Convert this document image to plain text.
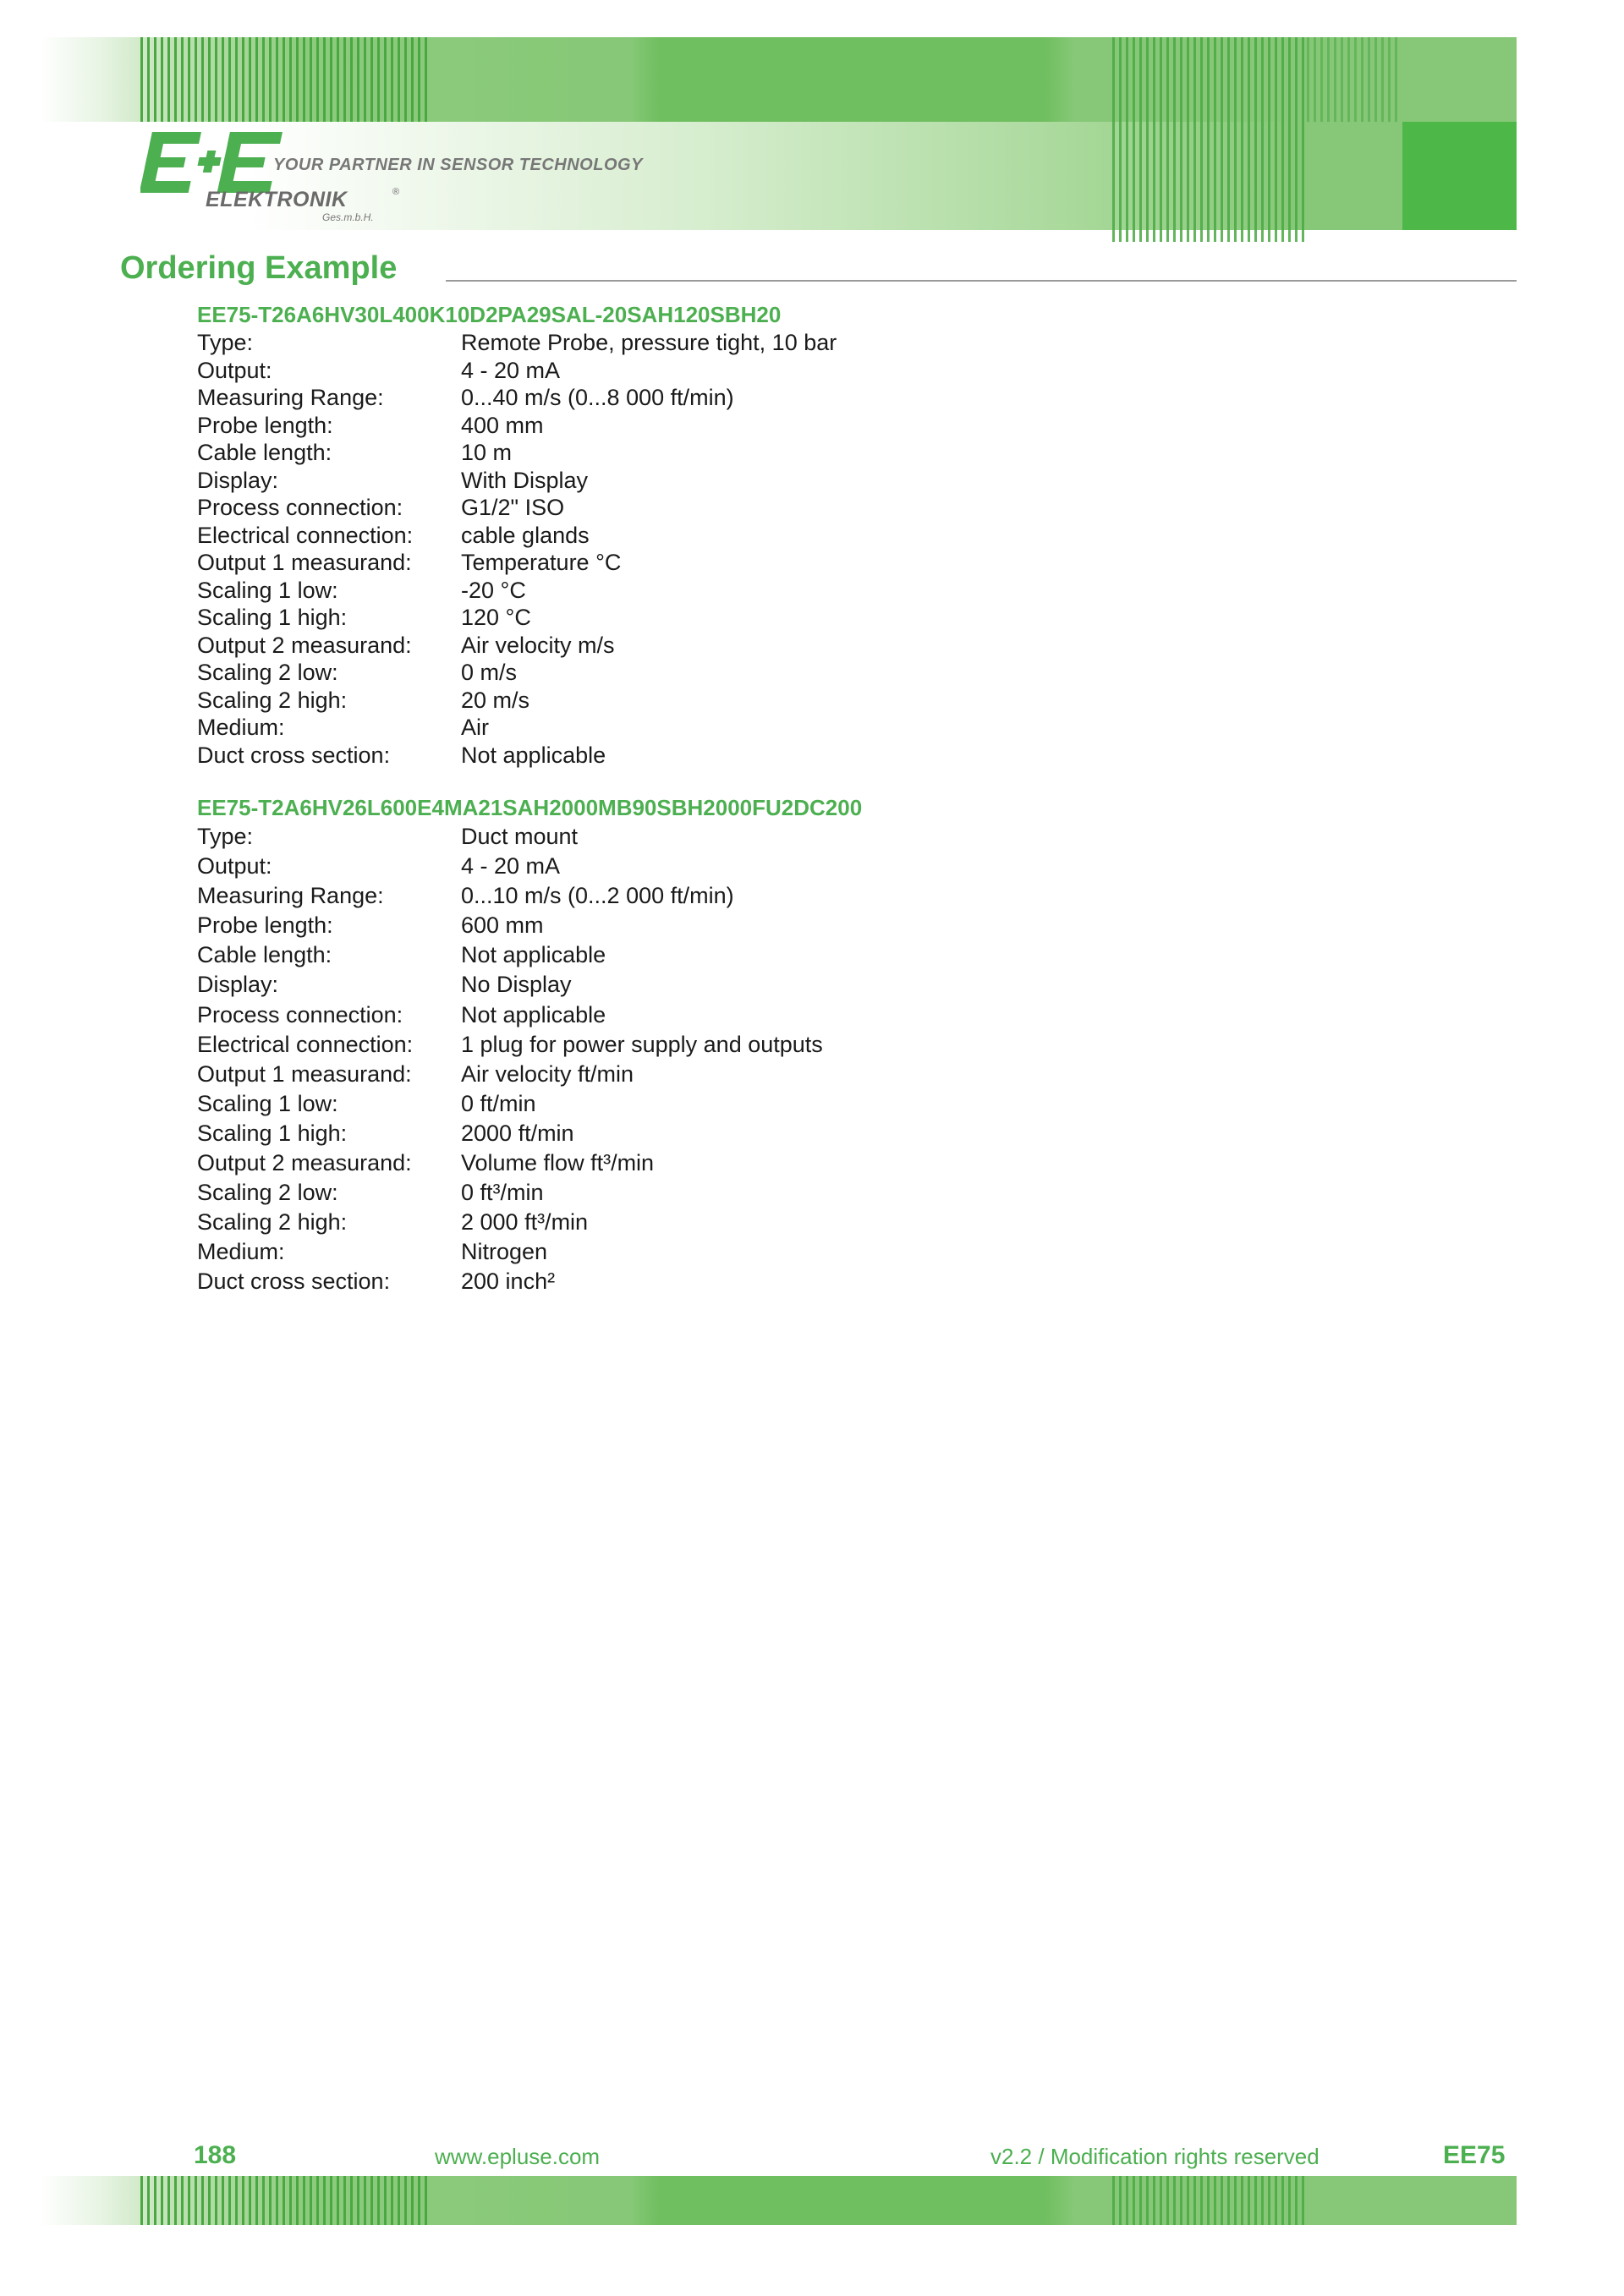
YOUR PARTNER IN SENSOR TECHNOLOGY
ELEKTRONIK	®
Ges.m.b.H.
Ordering Example
EE75-T26A6HV30L400K10D2PA29SAL-20SAH120SBH20
Type:	Remote Probe, pressure tight, 10 bar
Output:	4 - 20 mA
Measuring Range:	0...40 m/s (0...8 000 ft/min)
Probe length:	400 mm
Cable length:	10 m
Display:	With Display
Process connection:	G1/2" ISO
Electrical connection:	cable glands
Output 1 measurand:	Temperature °C
Scaling 1 low:	-20 °C
Scaling 1 high:	120 °C
Output 2 measurand:	Air velocity m/s
Scaling 2 low:	0 m/s
Scaling 2 high:	20 m/s
Medium:	Air
Duct cross section:	Not applicable
EE75-T2A6HV26L600E4MA21SAH2000MB90SBH2000FU2DC200
Type:	Duct mount
Output:	4 - 20 mA
Measuring Range:	0...10 m/s (0...2 000 ft/min)
Probe length:	600 mm
Cable length:	Not applicable
Display:	No Display
Process connection:	Not applicable
Electrical connection:	1 plug for power supply and outputs
Output 1 measurand:	Air velocity ft/min
Scaling 1 low:	0 ft/min
Scaling 1 high:	2000 ft/min
Output 2 measurand:	Volume flow ft³/min
Scaling 2 low:	0 ft³/min
Scaling 2 high:	2 000 ft³/min
Medium:	Nitrogen
Duct cross section:	200 inch²
188	www.epluse.com	v2.2 / Modification rights reserved	EE75
